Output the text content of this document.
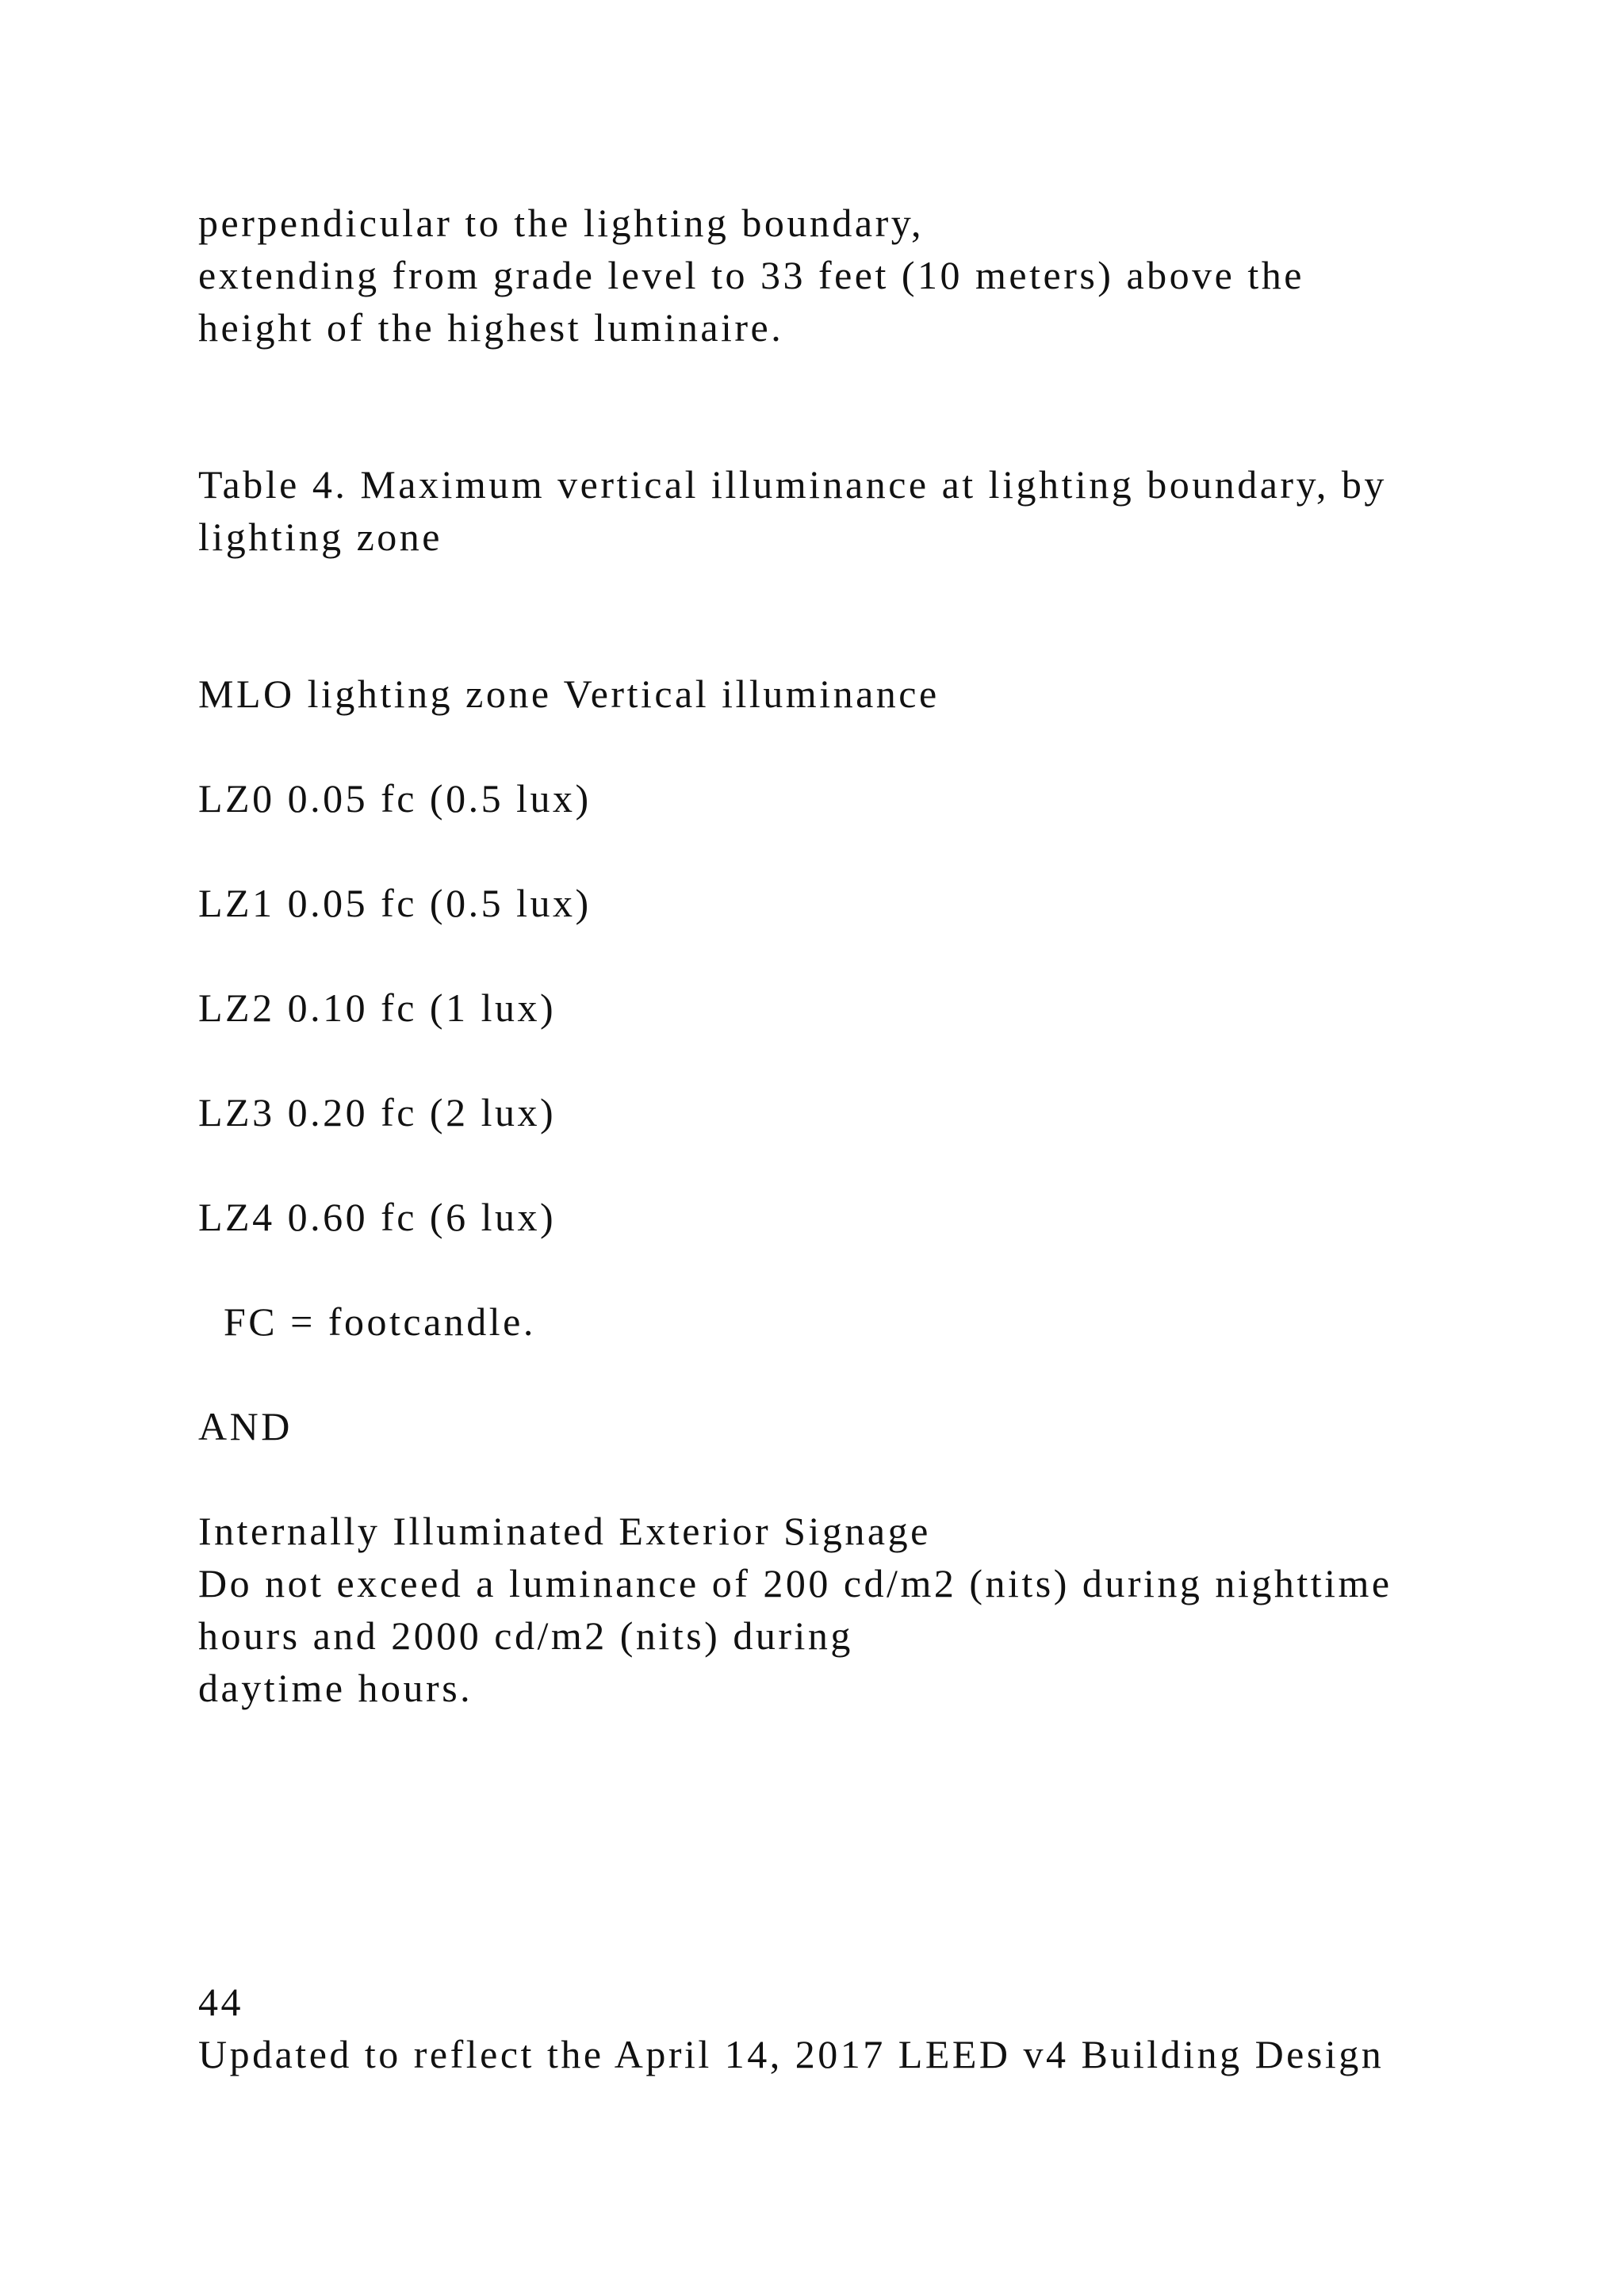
perpendicular to the lighting boundary,

extending from grade level to 33 feet (10 meters) above the

height of the highest luminaire.

Table 4. Maximum vertical illuminance at lighting boundary, by

lighting zone

MLO lighting zone Vertical illuminance

LZ0 0.05 fc (0.5 lux)

LZ1 0.05 fc (0.5 lux)

LZ2 0.10 fc (1 lux)

LZ3 0.20 fc (2 lux)

LZ4 0.60 fc (6 lux)

FC = footcandle.

AND

Internally Illuminated Exterior Signage

Do not exceed a luminance of 200 cd/m2 (nits) during nighttime

hours and 2000 cd/m2 (nits) during

daytime hours.

44

Updated to reflect the April 14, 2017 LEED v4 Building Design
